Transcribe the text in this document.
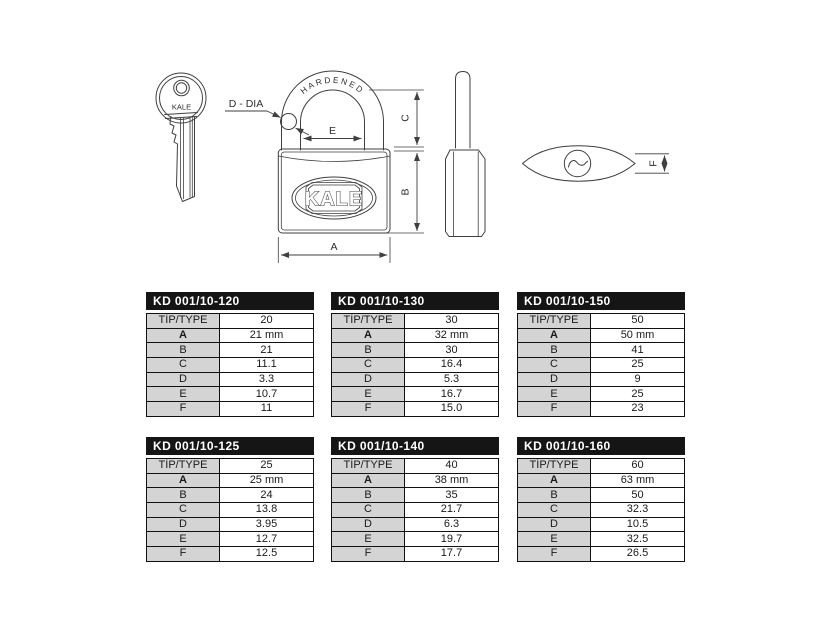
KALE	D - DIA
HARDENED
KALE
E
A
C
B
F
KD 001/10-120
TİP/TYPE	20
A	21 mm
B	21
C	11.1
D	3.3
E	10.7
F	11
KD 001/10-130
TİP/TYPE	30
A	32 mm
B	30
C	16.4
D	5.3
E	16.7
F	15.0
KD 001/10-150
TİP/TYPE	50
A	50 mm
B	41
C	25
D	9
E	25
F	23
KD 001/10-125
TİP/TYPE	25
A	25 mm
B	24
C	13.8
D	3.95
E	12.7
F	12.5
KD 001/10-140
TİP/TYPE	40
A	38 mm
B	35
C	21.7
D	6.3
E	19.7
F	17.7
KD 001/10-160
TİP/TYPE	60
A	63 mm
B	50
C	32.3
D	10.5
E	32.5
F	26.5
